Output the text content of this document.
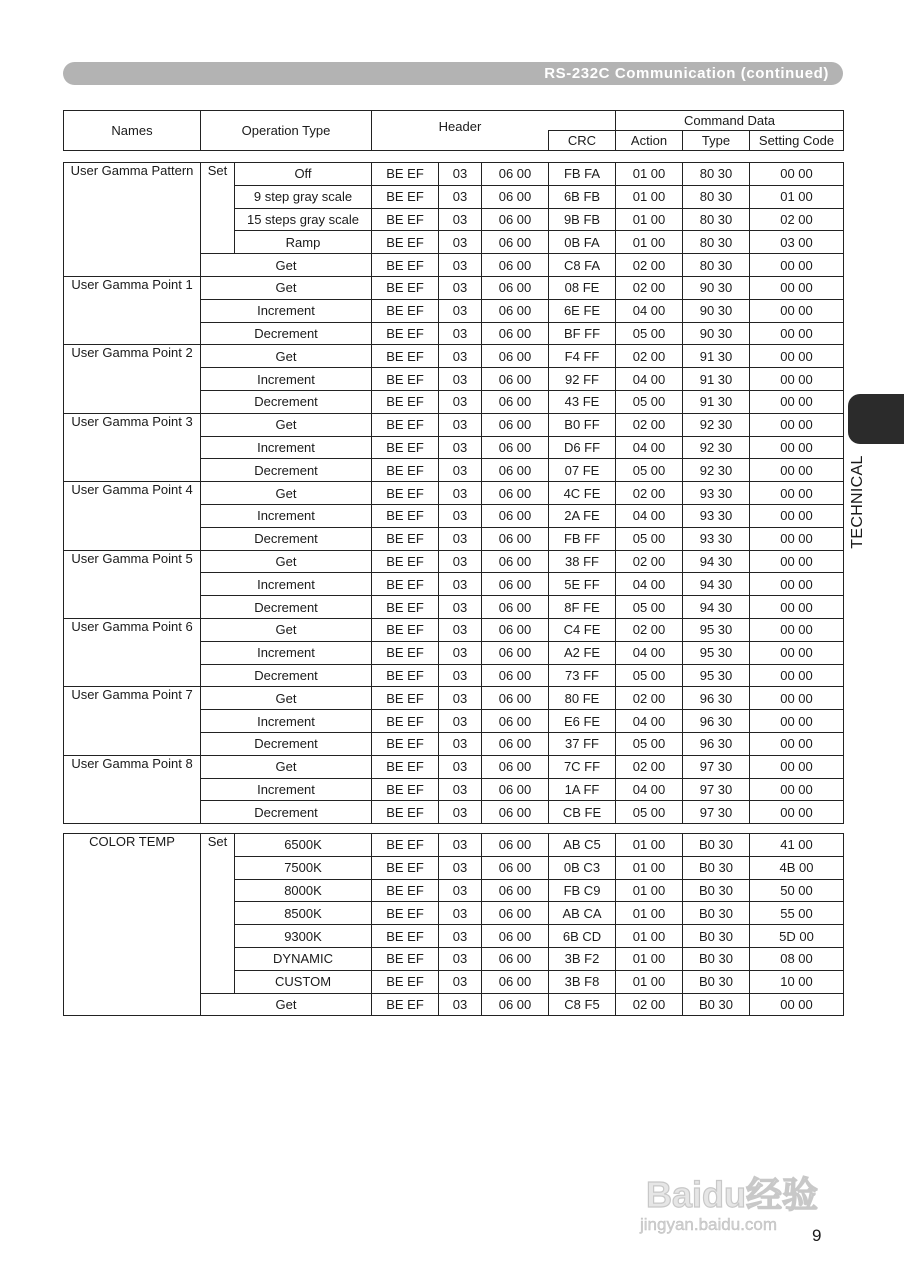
RS-232C Communication (continued)
Names	Operation Type			Command Data		
		Header	CRC	Action	Type	Setting Code
User Gamma Pattern	Set	Off	BE EF	03	06 00	FB FA	01 00	80 30	00 00
		9 step gray scale	BE EF	03	06 00	6B FB	01 00	80 30	01 00
		15 steps gray scale	BE EF	03	06 00	9B FB	01 00	80 30	02 00
		Ramp	BE EF	03	06 00	0B FA	01 00	80 30	03 00
	Get		BE EF	03	06 00	C8 FA	02 00	80 30	00 00
User Gamma Point 1	Get		BE EF	03	06 00	08 FE	02 00	90 30	00 00
	Increment		BE EF	03	06 00	6E FE	04 00	90 30	00 00
	Decrement		BE EF	03	06 00	BF FF	05 00	90 30	00 00
User Gamma Point 2	Get		BE EF	03	06 00	F4 FF	02 00	91 30	00 00
	Increment		BE EF	03	06 00	92 FF	04 00	91 30	00 00
	Decrement		BE EF	03	06 00	43 FE	05 00	91 30	00 00
User Gamma Point 3	Get		BE EF	03	06 00	B0 FF	02 00	92 30	00 00
	Increment		BE EF	03	06 00	D6 FF	04 00	92 30	00 00
	Decrement		BE EF	03	06 00	07 FE	05 00	92 30	00 00
User Gamma Point 4	Get		BE EF	03	06 00	4C FE	02 00	93 30	00 00
	Increment		BE EF	03	06 00	2A FE	04 00	93 30	00 00
	Decrement		BE EF	03	06 00	FB FF	05 00	93 30	00 00
User Gamma Point 5	Get		BE EF	03	06 00	38 FF	02 00	94 30	00 00
	Increment		BE EF	03	06 00	5E FF	04 00	94 30	00 00
	Decrement		BE EF	03	06 00	8F FE	05 00	94 30	00 00
User Gamma Point 6	Get		BE EF	03	06 00	C4 FE	02 00	95 30	00 00
	Increment		BE EF	03	06 00	A2 FE	04 00	95 30	00 00
	Decrement		BE EF	03	06 00	73 FF	05 00	95 30	00 00
User Gamma Point 7	Get		BE EF	03	06 00	80 FE	02 00	96 30	00 00
	Increment		BE EF	03	06 00	E6 FE	04 00	96 30	00 00
	Decrement		BE EF	03	06 00	37 FF	05 00	96 30	00 00
User Gamma Point 8	Get		BE EF	03	06 00	7C FF	02 00	97 30	00 00
	Increment		BE EF	03	06 00	1A FF	04 00	97 30	00 00
	Decrement		BE EF	03	06 00	CB FE	05 00	97 30	00 00
COLOR TEMP	Set	6500K	BE EF	03	06 00	AB C5	01 00	B0 30	41 00
		7500K	BE EF	03	06 00	0B C3	01 00	B0 30	4B 00
		8000K	BE EF	03	06 00	FB C9	01 00	B0 30	50 00
		8500K	BE EF	03	06 00	AB CA	01 00	B0 30	55 00
		9300K	BE EF	03	06 00	6B CD	01 00	B0 30	5D 00
		DYNAMIC	BE EF	03	06 00	3B F2	01 00	B0 30	08 00
		CUSTOM	BE EF	03	06 00	3B F8	01 00	B0 30	10 00
	Get		BE EF	03	06 00	C8 F5	02 00	B0 30	00 00
TECHNICAL
9
Baidu经验
jingyan.baidu.com
